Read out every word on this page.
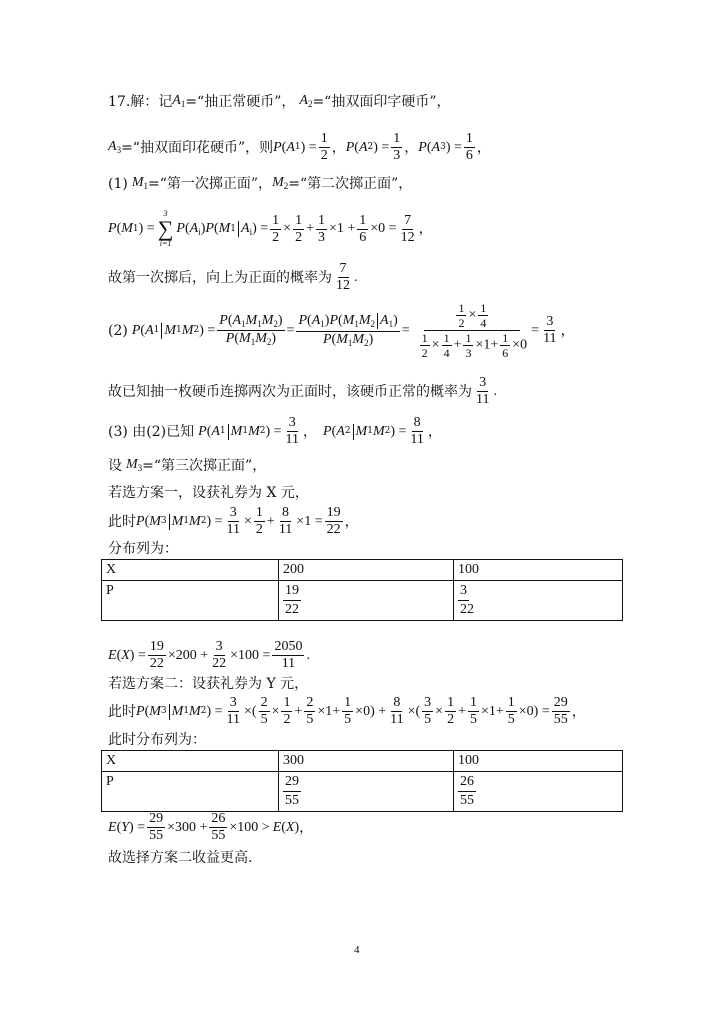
17.解：记 $A_1$ =“抽正常硬币”， $A_2$ =“抽双面印字硬币”，
$A_3$ =“抽双面印花硬币”，则 P ( A 1 ) = $\frac{1}{2}$ ， P ( A 2 ) = $\frac{1}{3}$ ， P ( A 3 ) = $\frac{1}{6}$ ，
(1) $M_1$ =“第一次掷正面”， $M_2$ =“第二次掷正面”，
P ( M 1 ) =
3
∑
i=1
P ( $A_i$ ) P ( M 1 $A_i$ ) = $\frac{1}{2} \times \frac{1}{2} + \frac{1}{3} \times 1 + \frac{1}{6} \times 0 = \frac{7}{12}$ ，
故第一次掷后，向上为正面的概率为
7
12
.
(2) P ( A 1 M 1 M 2 ) = $\frac{P(A_1M_1M_2)}{P(M_1M_2)} = \frac{P(A_1)P(M_1M_2 A_1)}{P(M_1M_2)} = \frac{\frac{1}{2} \times \frac{1}{4}}{\frac{1}{2} \times \frac{1}{4} + \frac{1}{3} \times 1+ \frac{1}{6} \times 0} = \frac{3}{11}$ ，
故已知抽一枚硬币连掷两次为正面时，该硬币正常的概率为
3
11
.
(3) 由(2)已知 P ( A 1 M 1 M 2 ) = $\frac{3}{11}$ ， P ( A 2 M 1 M 2 ) = $\frac{8}{11}$ ，
设 $M_3$ =“第三次掷正面”，
若选方案一，设获礼券为 X 元，
此时 P ( M 3 M 1 M 2 ) = $\frac{3}{11} \times \frac{1}{2} + \frac{8}{11} \times 1 = \frac{19}{22}$ ，
分布列为：
X	200	100
P	$\frac{19}{22}$	$\frac{3}{22}$
E ( X ) = $\frac{19}{22} \times 200 + \frac{3}{22} \times 100 = \frac{2050}{11}$ .
若选方案二：设获礼券为 Y 元，
此时 P ( M 3 M 1 M 2 ) = $\frac{3}{11}$ ×( $\frac{2}{5} \times \frac{1}{2} + \frac{2}{5} \times 1+ \frac{1}{5} \times 0) + \frac{8}{11}$ ×( $\frac{3}{5} \times \frac{1}{2} + \frac{1}{5} \times 1+ \frac{1}{5} \times 0) = \frac{29}{55}$ ，
此时分布列为：
X	300	100
P	$\frac{29}{55}$	$\frac{26}{55}$
E ( Y ) = $\frac{29}{55} \times 300 + \frac{26}{55} \times 100 > E$ ( X ) ，
故选择方案二收益更高.
4
